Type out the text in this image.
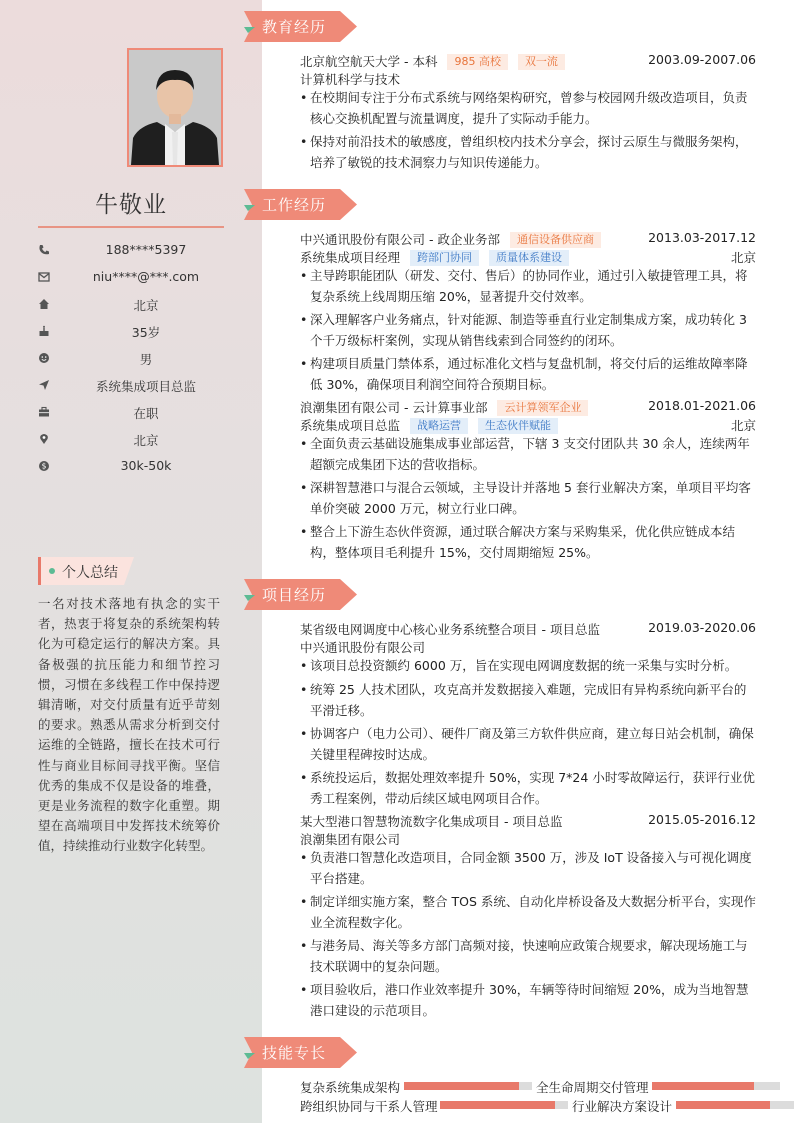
牛敬业
188****5397
niu****@***.com
北京
35岁
男
系统集成项目总监
在职
北京
$	30k-50k
个人总结
一名对技术落地有执念的实干者，热衷于将复杂的系统架构转化为可稳定运行的解决方案。具备极强的抗压能力和细节控习惯，习惯在多线程工作中保持逻辑清晰，对交付质量有近乎苛刻的要求。熟悉从需求分析到交付运维的全链路，擅长在技术可行性与商业目标间寻找平衡。坚信优秀的集成不仅是设备的堆叠，更是业务流程的数字化重塑。期望在高端项目中发挥技术统筹价值，持续推动行业数字化转型。
教育经历
北京航空航天大学 - 本科 985 高校 双一流	2003.09-2007.06
计算机科学与技术
• 在校期间专注于分布式系统与网络架构研究，曾参与校园网升级改造项目，负责核心交换机配置与流量调度，提升了实际动手能力。
• 保持对前沿技术的敏感度，曾组织校内技术分享会，探讨云原生与微服务架构，培养了敏锐的技术洞察力与知识传递能力。
工作经历
中兴通讯股份有限公司 - 政企业务部 通信设备供应商	2013.03-2017.12
系统集成项目经理 跨部门协同 质量体系建设	北京
• 主导跨职能团队（研发、交付、售后）的协同作业，通过引入敏捷管理工具，将复杂系统上线周期压缩 20%，显著提升交付效率。
• 深入理解客户业务痛点，针对能源、制造等垂直行业定制集成方案，成功转化 3 个千万级标杆案例，实现从销售线索到合同签约的闭环。
• 构建项目质量门禁体系，通过标准化文档与复盘机制，将交付后的运维故障率降低 30%，确保项目利润空间符合预期目标。
浪潮集团有限公司 - 云计算事业部 云计算领军企业	2018.01-2021.06
系统集成项目总监 战略运营 生态伙伴赋能	北京
• 全面负责云基础设施集成事业部运营，下辖 3 支交付团队共 30 余人，连续两年超额完成集团下达的营收指标。
• 深耕智慧港口与混合云领域，主导设计并落地 5 套行业解决方案，单项目平均客单价突破 2000 万元，树立行业口碑。
• 整合上下游生态伙伴资源，通过联合解决方案与采购集采，优化供应链成本结构，整体项目毛利提升 15%，交付周期缩短 25%。
项目经历
某省级电网调度中心核心业务系统整合项目 - 项目总监	2019.03-2020.06
中兴通讯股份有限公司
• 该项目总投资额约 6000 万，旨在实现电网调度数据的统一采集与实时分析。
• 统筹 25 人技术团队，攻克高并发数据接入难题，完成旧有异构系统向新平台的平滑迁移。
• 协调客户（电力公司）、硬件厂商及第三方软件供应商，建立每日站会机制，确保关键里程碑按时达成。
• 系统投运后，数据处理效率提升 50%，实现 7*24 小时零故障运行，获评行业优秀工程案例，带动后续区域电网项目合作。
某大型港口智慧物流数字化集成项目 - 项目总监	2015.05-2016.12
浪潮集团有限公司
• 负责港口智慧化改造项目，合同金额 3500 万，涉及 IoT 设备接入与可视化调度平台搭建。
• 制定详细实施方案，整合 TOS 系统、自动化岸桥设备及大数据分析平台，实现作业全流程数字化。
• 与港务局、海关等多方部门高频对接，快速响应政策合规要求，解决现场施工与技术联调中的复杂问题。
• 项目验收后，港口作业效率提升 30%，车辆等待时间缩短 20%，成为当地智慧港口建设的示范项目。
技能专长
复杂系统集成架构	全生命周期交付管理
跨组织协同与干系人管理	行业解决方案设计
